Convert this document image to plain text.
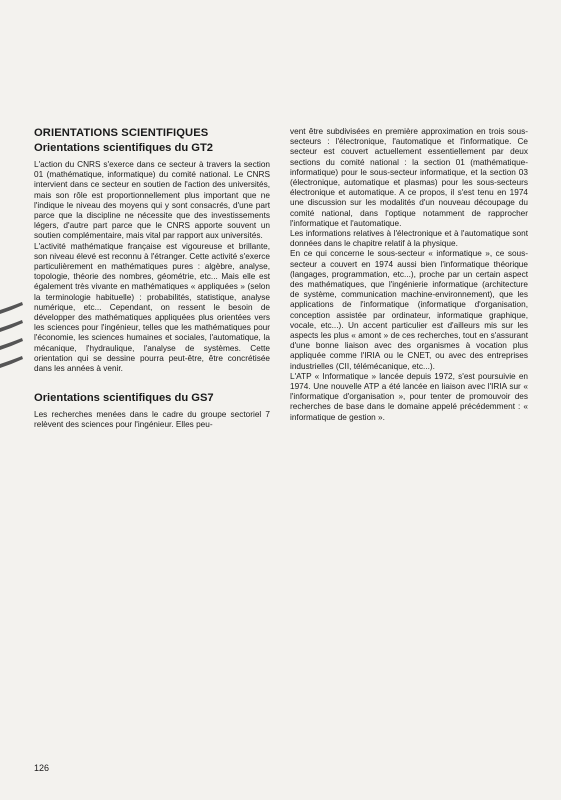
ORIENTATIONS SCIENTIFIQUES
Orientations scientifiques du GT2

L'action du CNRS s'exerce dans ce secteur à travers la section 01 (mathématique, informatique) du comité national. Le CNRS intervient dans ce secteur en soutien de l'action des universités, mais son rôle est proportionnellement plus important que ne l'indique le niveau des moyens qui y sont consacrés, d'une part parce que la discipline ne nécessite que des investissements légers, d'autre part parce que le CNRS apporte souvent un soutien complémentaire, mais vital par rapport aux universités.

L'activité mathématique française est vigoureuse et brillante, son niveau élevé est reconnu à l'étranger. Cette activité s'exerce particulièrement en mathématiques pures : algèbre, analyse, topologie, théorie des nombres, géométrie, etc... Mais elle est également très vivante en mathématiques « appliquées » (selon la terminologie habituelle) : probabilités, statistique, analyse numérique, etc... Cependant, on ressent le besoin de développer des mathématiques appliquées plus orientées vers les sciences pour l'ingénieur, telles que les mathématiques pour l'économie, les sciences humaines et sociales, l'automatique, la mécanique, l'hydraulique, l'analyse de systèmes. Cette orientation qui se dessine pourra peut-être, être concrétisée dans les années à venir.

Orientations scientifiques du GS7

Les recherches menées dans le cadre du groupe sectoriel 7 relèvent des sciences pour l'ingénieur. Elles peu-

vent être subdivisées en première approximation en trois sous-secteurs : l'électronique, l'automatique et l'informatique. Ce secteur est couvert actuellement essentiellement par deux sections du comité national : la section 01 (mathématique-informatique) pour le sous-secteur informatique, et la section 03 (électronique, automatique et plasmas) pour les sous-secteurs électronique et automatique. A ce propos, il s'est tenu en 1974 une discussion sur les modalités d'un nouveau découpage du comité national, dans l'optique notamment de rapprocher l'informatique et l'automatique.

Les informations relatives à l'électronique et à l'automatique sont données dans le chapitre relatif à la physique.

En ce qui concerne le sous-secteur « informatique », ce sous-secteur a couvert en 1974 aussi bien l'informatique théorique (langages, programmation, etc...), proche par un certain aspect des mathématiques, que l'ingénierie informatique (architecture de système, communication machine-environnement), que les applications de l'informatique (informatique d'organisation, conception assistée par ordinateur, informatique graphique, vocale, etc...). Un accent particulier est d'ailleurs mis sur les aspects les plus « amont » de ces recherches, tout en s'assurant d'une bonne liaison avec des organismes à vocation plus appliquée comme l'IRIA ou le CNET, ou avec des entreprises industrielles (CII, télémécanique, etc...).

L'ATP « Informatique » lancée depuis 1972, s'est poursuivie en 1974. Une nouvelle ATP a été lancée en liaison avec l'IRIA sur « l'informatique d'organisation », pour tenter de promouvoir des recherches de base dans le domaine appelé précédemment : « informatique de gestion ».

126
